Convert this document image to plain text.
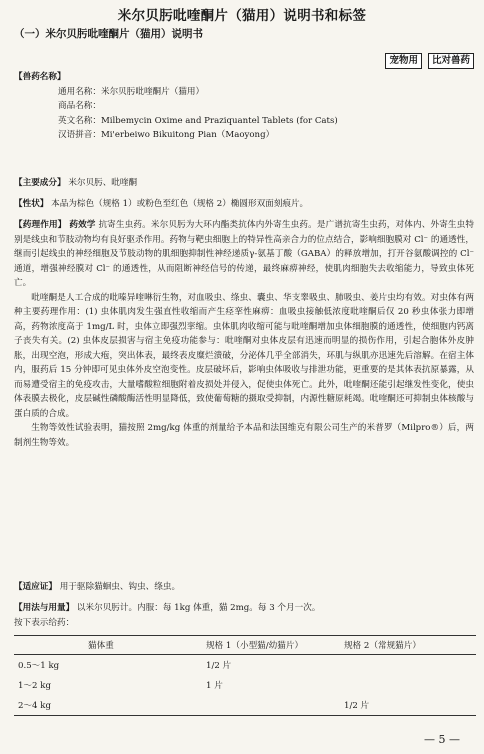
米尔贝肟吡喹酮片（猫用）说明书和标签
（一）米尔贝肟吡喹酮片（猫用）说明书
宠物用	比对兽药
【兽药名称】
通用名称：米尔贝肟吡喹酮片（猫用）
商品名称：
英文名称：Milbemycin Oxime and Praziquantel Tablets (for Cats)
汉语拼音：Mi'erbeiwo Bikuitong Pian（Maoyong）
【主要成分】 米尔贝肟、吡喹酮
【性状】 本品为棕色（规格 1）或粉色至红色（规格 2）椭圆形双面刻痕片。
【药理作用】 药效学 抗寄生虫药。米尔贝肟为大环内酯类抗体内外寄生虫药。是广谱抗寄生虫药，对体内、外寄生虫特别是线虫和节肢动物均有良好驱杀作用。药物与靶虫细胞上的特异性高亲合力的位点结合，影响细胞膜对 Cl⁻ 的通透性，继而引起线虫的神经细胞及节肢动物的肌细胞抑制性神经递质γ-氨基丁酸（GABA）的释放增加，打开谷氨酸调控的 Cl⁻ 通道，增强神经膜对 Cl⁻ 的通透性，从而阻断神经信号的传递，最终麻痹神经，使肌肉细胞失去收缩能力，导致虫体死亡。
吡喹酮是人工合成的吡嗪异喹啉衍生物，对血吸虫、绦虫、囊虫、华支睾吸虫、肺吸虫、姜片虫均有效。对虫体有两种主要药理作用：(1) 虫体肌肉发生强直性收缩而产生痉挛性麻痹：血吸虫接触低浓度吡喹酮后仅 20 秒虫体张力即增高，药物浓度高于 1mg/L 时，虫体立即强烈挛缩。虫体肌肉收缩可能与吡喹酮增加虫体细胞膜的通透性，使细胞内钙离子丧失有关。(2) 虫体皮层损害与宿主免疫功能参与：吡喹酮对虫体皮层有迅速而明显的损伤作用，引起合胞体外皮肿胀，出现空泡，形成大疱，突出体表，最终表皮糜烂溃破，分泌体几乎全部消失，环肌与纵肌亦迅速先后溶解。在宿主体内，服药后 15 分钟即可见虫体外皮空泡变性。皮层破坏后，影响虫体吸收与排泄功能，更重要的是其体表抗原暴露，从而易遭受宿主的免疫攻击，大量嗜酸粒细胞附着皮损处并侵入，促使虫体死亡。此外，吡喹酮还能引起继发性变化，使虫体表膜去极化，皮层碱性磷酸酶活性明显降低，致使葡萄糖的摄取受抑制，内源性糖原耗竭。吡喹酮还可抑制虫体核酸与蛋白质的合成。
生物等效性试验表明，猫按照 2mg/kg 体重的剂量给予本品和法国维克有限公司生产的米普罗（Milpro®）后，两制剂生物等效。
【适应证】 用于驱除猫蛔虫、钩虫、绦虫。
【用法与用量】 以米尔贝肟计。内服：每 1kg 体重，猫 2mg。每 3 个月一次。
按下表示给药：
猫体重	规格 1（小型猫/幼猫片）	规格 2（常规猫片）
0.5～1 kg	1/2 片	
1～2 kg	1 片	
2～4 kg		1/2 片
— 5 —
